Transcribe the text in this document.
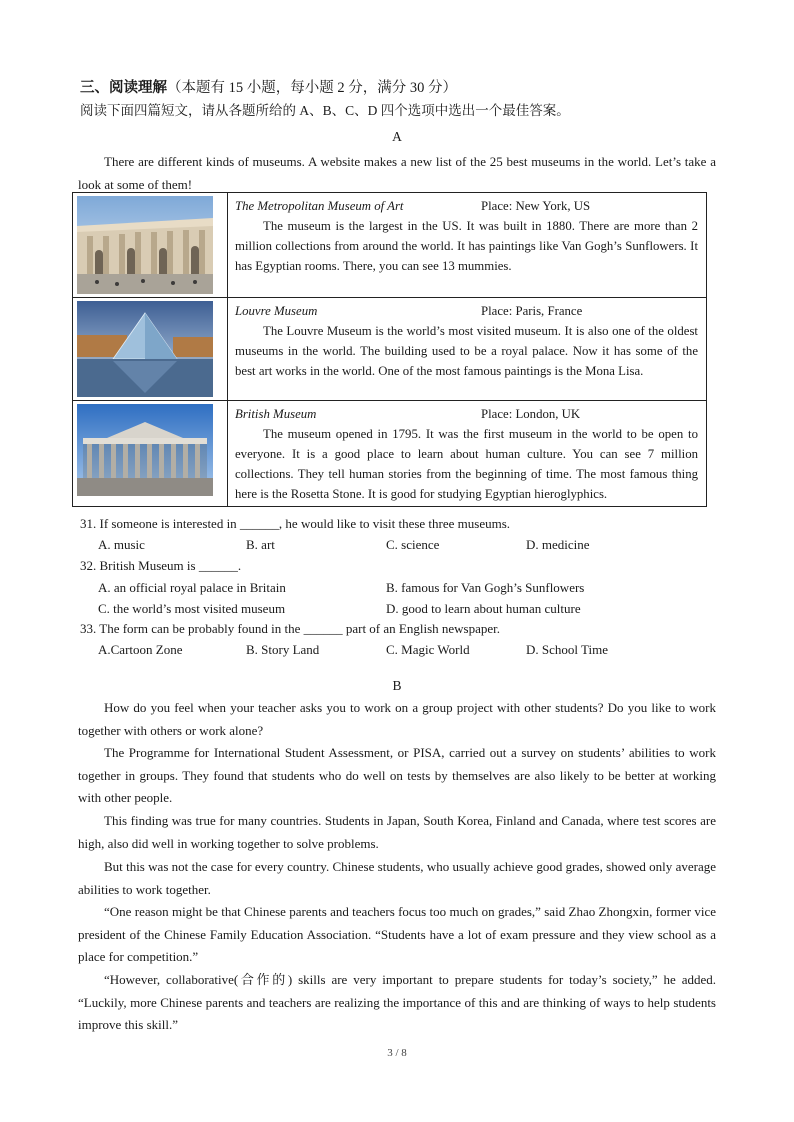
三、阅读理解（本题有 15 小题，每小题 2 分，满分 30 分）
阅读下面四篇短文，请从各题所给的 A、B、C、D 四个选项中选出一个最佳答案。
A
There are different kinds of museums. A website makes a new list of the 25 best museums in the world. Let’s take a look at some of them!

The Metropolitan Museum of Art Place: New York, US
The museum is the largest in the US. It was built in 1880. There are more than 2 million collections from around the world. It has paintings like Van Gogh’s Sunflowers. It has Egyptian rooms. There, you can see 13 mummies.

Louvre Museum Place: Paris, France
The Louvre Museum is the world’s most visited museum. It is also one of the oldest museums in the world. The building used to be a royal palace. Now it has some of the best art works in the world. One of the most famous paintings is the Mona Lisa.

British Museum Place: London, UK
The museum opened in 1795. It was the first museum in the world to be open to everyone. It is a good place to learn about human culture. You can see 7 million collections. They tell human stories from the beginning of time. The most famous thing here is the Rosetta Stone. It is good for studying Egyptian hieroglyphics.
31. If someone is interested in ______, he would like to visit these three museums.
A. music	B. art	C. science	D. medicine
32. British Museum is ______.
A. an official royal palace in Britain	B. famous for Van Gogh’s Sunflowers
C. the world’s most visited museum	D. good to learn about human culture
33. The form can be probably found in the ______ part of an English newspaper.
A.Cartoon Zone	B. Story Land	C. Magic World	D. School Time
B
How do you feel when your teacher asks you to work on a group project with other students? Do you like to work together with others or work alone?
The Programme for International Student Assessment, or PISA, carried out a survey on students’ abilities to work together in groups. They found that students who do well on tests by themselves are also likely to be better at working with other people.
This finding was true for many countries. Students in Japan, South Korea, Finland and Canada, where test scores are high, also did well in working together to solve problems.
But this was not the case for every country. Chinese students, who usually achieve good grades, showed only average abilities to work together.
“One reason might be that Chinese parents and teachers focus too much on grades,” said Zhao Zhongxin, former vice president of the Chinese Family Education Association. “Students have a lot of exam pressure and they view school as a place for competition.”
“However, collaborative(合作的) skills are very important to prepare students for today’s society,” he added. “Luckily, more Chinese parents and teachers are realizing the importance of this and are thinking of ways to help students improve this skill.”
3 / 8
